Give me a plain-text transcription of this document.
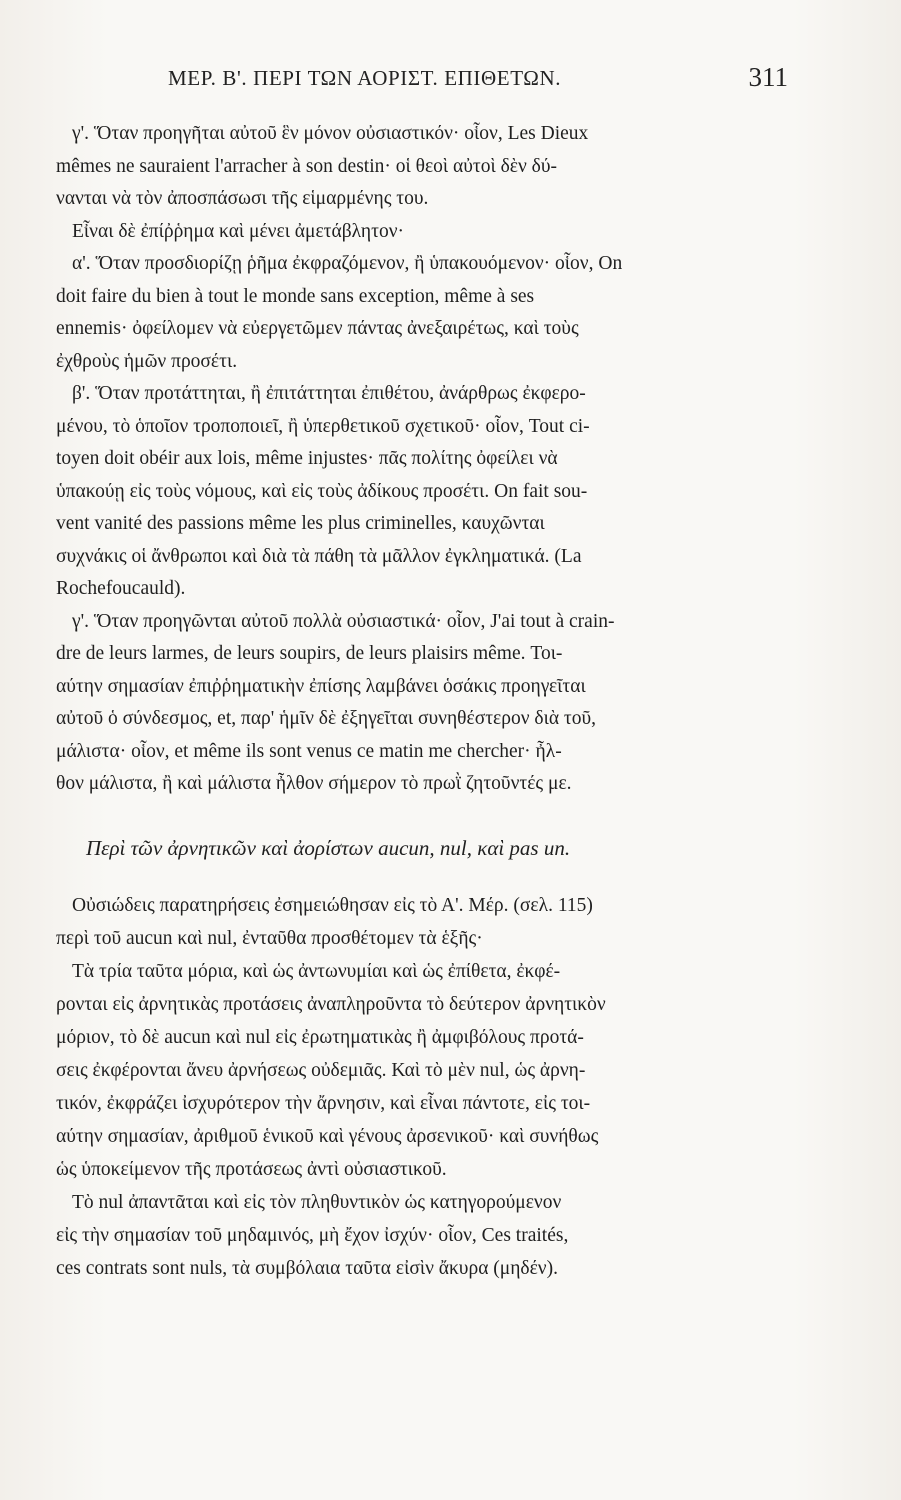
ΜΕΡ. Β'. ΠΕΡΙ ΤΩΝ ΑΟΡΙΣΤ. ΕΠΙΘΕΤΩΝ.	311
γ'. Ὅταν προηγῆται αὐτοῦ ἓν μόνον οὐσιαστικόν· οἷον, Les Dieux
mêmes ne sauraient l'arracher à son destin· οἱ θεοὶ αὐτοὶ δὲν δύ-
νανται νὰ τὸν ἀποσπάσωσι τῆς εἱμαρμένης του.
Εἶναι δὲ ἐπίῤῥημα καὶ μένει ἀμετάβλητον·
α'. Ὅταν προσδιορίζῃ ῥῆμα ἐκφραζόμενον, ἢ ὑπακουόμενον· οἷον, On
doit faire du bien à tout le monde sans exception, même à ses
ennemis· ὀφείλομεν νὰ εὐεργετῶμεν πάντας ἀνεξαιρέτως, καὶ τοὺς
ἐχθροὺς ἡμῶν προσέτι.
β'. Ὅταν προτάττηται, ἢ ἐπιτάττηται ἐπιθέτου, ἀνάρθρως ἐκφερο-
μένου, τὸ ὁποῖον τροποποιεῖ, ἢ ὑπερθετικοῦ σχετικοῦ· οἷον, Tout ci-
toyen doit obéir aux lois, même injustes· πᾶς πολίτης ὀφείλει νὰ
ὑπακούῃ εἰς τοὺς νόμους, καὶ εἰς τοὺς ἀδίκους προσέτι. On fait sou-
vent vanité des passions même les plus criminelles, καυχῶνται
συχνάκις οἱ ἄνθρωποι καὶ διὰ τὰ πάθη τὰ μᾶλλον ἐγκληματικά. (La
Rochefoucauld).
γ'. Ὅταν προηγῶνται αὐτοῦ πολλὰ οὐσιαστικά· οἷον, J'ai tout à crain-
dre de leurs larmes, de leurs soupirs, de leurs plaisirs même. Τοι-
αύτην σημασίαν ἐπιῤῥηματικὴν ἐπίσης λαμβάνει ὁσάκις προηγεῖται
αὐτοῦ ὁ σύνδεσμος, et, παρ' ἡμῖν δὲ ἐξηγεῖται συνηθέστερον διὰ τοῦ,
μάλιστα· οἷον, et même ils sont venus ce matin me chercher· ἦλ-
θον μάλιστα, ἢ καὶ μάλιστα ἦλθον σήμερον τὸ πρωῒ ζητοῦντές με.
Περὶ τῶν ἀρνητικῶν καὶ ἀορίστων aucun, nul, καὶ pas un.
Οὐσιώδεις παρατηρήσεις ἐσημειώθησαν εἰς τὸ Α'. Μέρ. (σελ. 115)
περὶ τοῦ aucun καὶ nul, ἐνταῦθα προσθέτομεν τὰ ἑξῆς·
Τὰ τρία ταῦτα μόρια, καὶ ὡς ἀντωνυμίαι καὶ ὡς ἐπίθετα, ἐκφέ-
ρονται εἰς ἀρνητικὰς προτάσεις ἀναπληροῦντα τὸ δεύτερον ἀρνητικὸν
μόριον, τὸ δὲ aucun καὶ nul εἰς ἐρωτηματικὰς ἢ ἀμφιβόλους προτά-
σεις ἐκφέρονται ἄνευ ἀρνήσεως οὐδεμιᾶς. Καὶ τὸ μὲν nul, ὡς ἀρνη-
τικόν, ἐκφράζει ἰσχυρότερον τὴν ἄρνησιν, καὶ εἶναι πάντοτε, εἰς τοι-
αύτην σημασίαν, ἀριθμοῦ ἑνικοῦ καὶ γένους ἀρσενικοῦ· καὶ συνήθως
ὡς ὑποκείμενον τῆς προτάσεως ἀντὶ οὐσιαστικοῦ.
Τὸ nul ἀπαντᾶται καὶ εἰς τὸν πληθυντικὸν ὡς κατηγορούμενον
εἰς τὴν σημασίαν τοῦ μηδαμινός, μὴ ἔχον ἰσχύν· οἷον, Ces traités,
ces contrats sont nuls, τὰ συμβόλαια ταῦτα εἰσὶν ἄκυρα (μηδέν).
